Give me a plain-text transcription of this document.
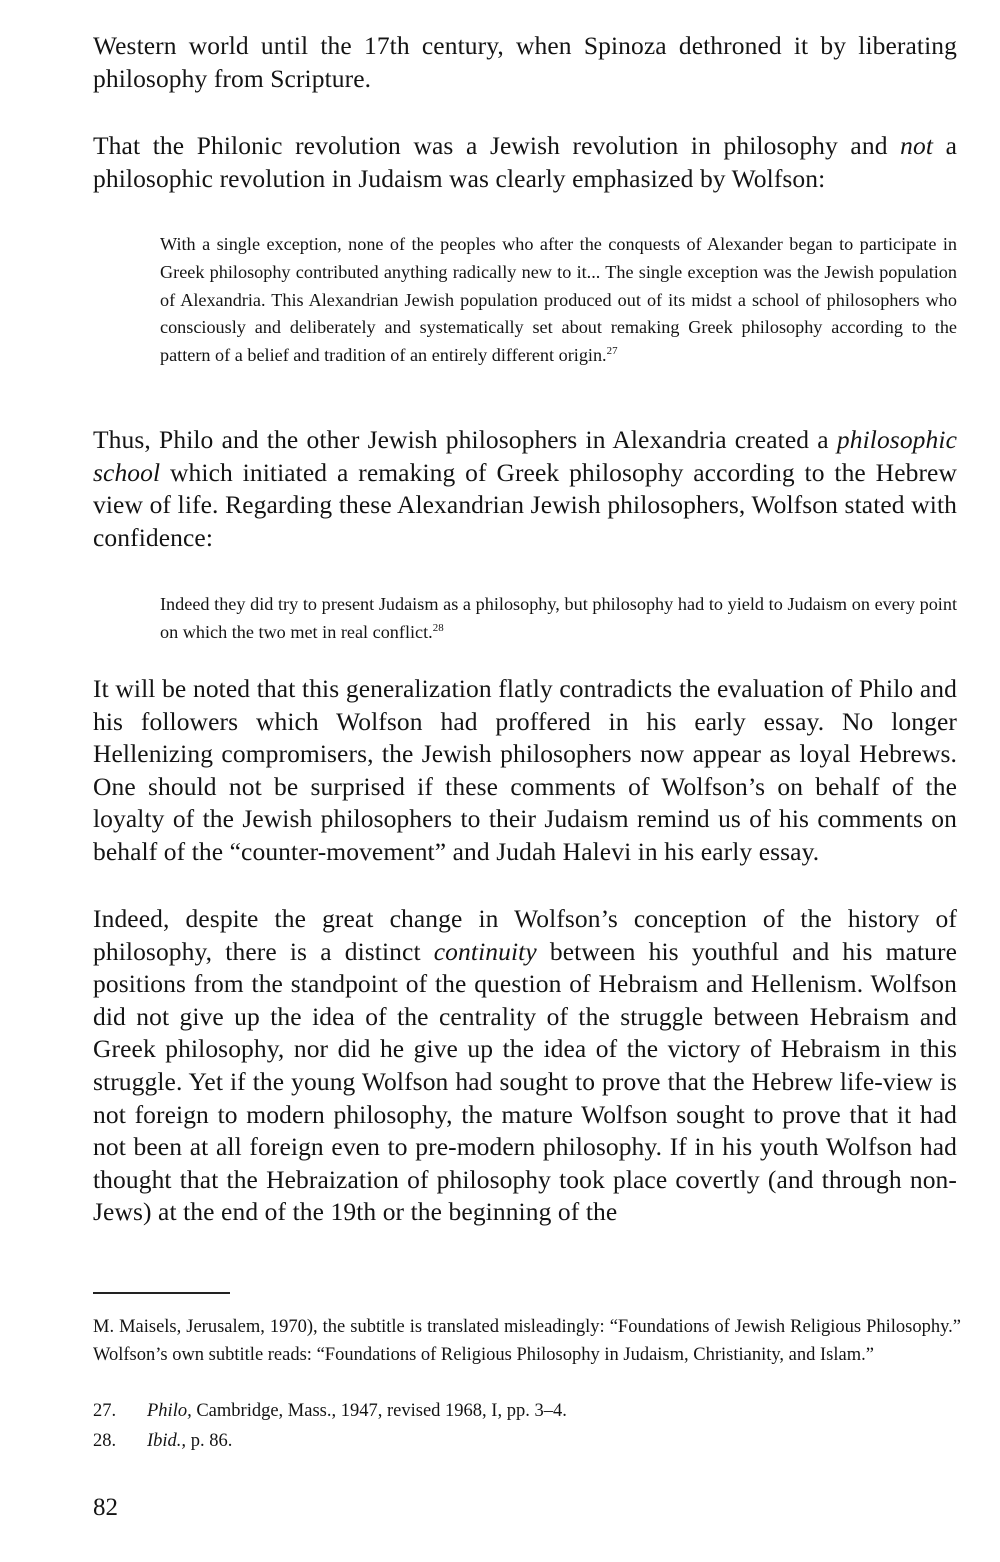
Western world until the 17th century, when Spinoza dethroned it by liberating philosophy from Scripture.

That the Philonic revolution was a Jewish revolution in philosophy and not a philosophic revolution in Judaism was clearly emphasized by Wolfson:

With a single exception, none of the peoples who after the conquests of Alexander began to participate in Greek philosophy contributed anything radically new to it... The single exception was the Jewish population of Alexandria. This Alexandrian Jewish population produced out of its midst a school of philosophers who consciously and deliberately and systematically set about remaking Greek philosophy according to the pattern of a belief and tradition of an entirely different origin.$^{27}$

Thus, Philo and the other Jewish philosophers in Alexandria created a philosophic school which initiated a remaking of Greek philosophy according to the Hebrew view of life. Regarding these Alexandrian Jewish philosophers, Wolfson stated with confidence:

Indeed they did try to present Judaism as a philosophy, but philosophy had to yield to Judaism on every point on which the two met in real conflict.$^{28}$

It will be noted that this generalization flatly contradicts the evaluation of Philo and his followers which Wolfson had proffered in his early essay. No longer Hellenizing compromisers, the Jewish philosophers now appear as loyal Hebrews. One should not be surprised if these comments of Wolfson’s on behalf of the loyalty of the Jewish philosophers to their Judaism remind us of his comments on behalf of the “counter-movement” and Judah Halevi in his early essay.

Indeed, despite the great change in Wolfson’s conception of the history of philosophy, there is a distinct continuity between his youthful and his mature positions from the standpoint of the question of Hebraism and Hellenism. Wolfson did not give up the idea of the centrality of the struggle between Hebraism and Greek philosophy, nor did he give up the idea of the victory of Hebraism in this struggle. Yet if the young Wolfson had sought to prove that the Hebrew life-view is not foreign to modern philosophy, the mature Wolfson sought to prove that it had not been at all foreign even to pre-modern philosophy. If in his youth Wolfson had thought that the Hebraization of philosophy took place covertly (and through non-Jews) at the end of the 19th or the beginning of the

M. Maisels, Jerusalem, 1970), the subtitle is translated misleadingly: “Foundations of Jewish Religious Philosophy.” Wolfson’s own subtitle reads: “Foundations of Religious Philosophy in Judaism, Christianity, and Islam.”

27. Philo, Cambridge, Mass., 1947, revised 1968, I, pp. 3–4.

28. Ibid., p. 86.

82
